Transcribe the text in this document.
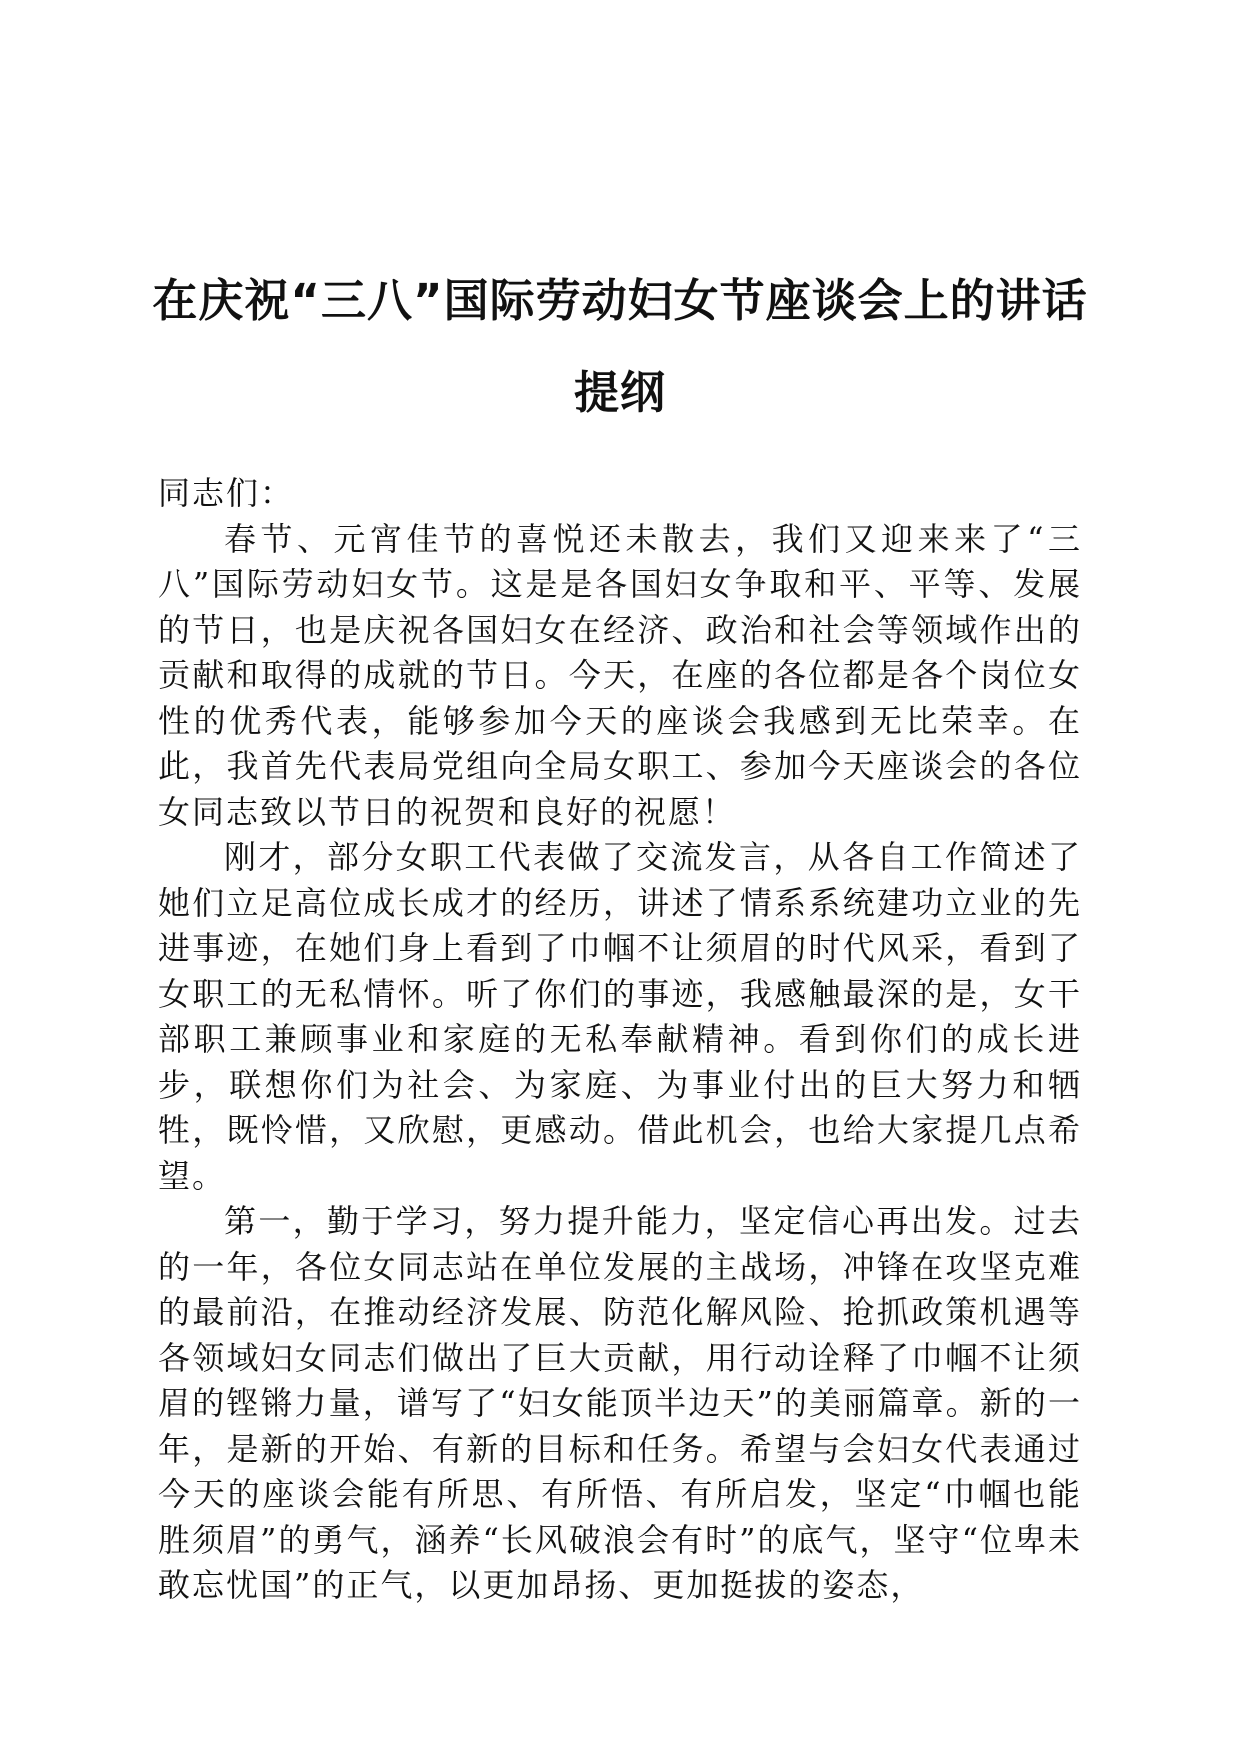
在庆祝“三八”国际劳动妇女节座谈会上的讲话提纲

同志们：

春节、元宵佳节的喜悦还未散去，我们又迎来来了“三八”国际劳动妇女节。这是是各国妇女争取和平、平等、发展的节日，也是庆祝各国妇女在经济、政治和社会等领域作出的贡献和取得的成就的节日。今天，在座的各位都是各个岗位女性的优秀代表，能够参加今天的座谈会我感到无比荣幸。在此，我首先代表局党组向全局女职工、参加今天座谈会的各位女同志致以节日的祝贺和良好的祝愿！

刚才，部分女职工代表做了交流发言，从各自工作简述了她们立足高位成长成才的经历，讲述了情系系统建功立业的先进事迹，在她们身上看到了巾帼不让须眉的时代风采，看到了女职工的无私情怀。听了你们的事迹，我感触最深的是，女干部职工兼顾事业和家庭的无私奉献精神。看到你们的成长进步，联想你们为社会、为家庭、为事业付出的巨大努力和牺牲，既怜惜，又欣慰，更感动。借此机会，也给大家提几点希望。

第一，勤于学习，努力提升能力，坚定信心再出发。过去的一年，各位女同志站在单位发展的主战场，冲锋在攻坚克难的最前沿，在推动经济发展、防范化解风险、抢抓政策机遇等各领域妇女同志们做出了巨大贡献，用行动诠释了巾帼不让须眉的铿锵力量，谱写了“妇女能顶半边天”的美丽篇章。新的一年，是新的开始、有新的目标和任务。希望与会妇女代表通过今天的座谈会能有所思、有所悟、有所启发，坚定“巾帼也能胜须眉”的勇气，涵养“长风破浪会有时”的底气，坚守“位卑未敢忘忧国”的正气，以更加昂扬、更加挺拔的姿态，
